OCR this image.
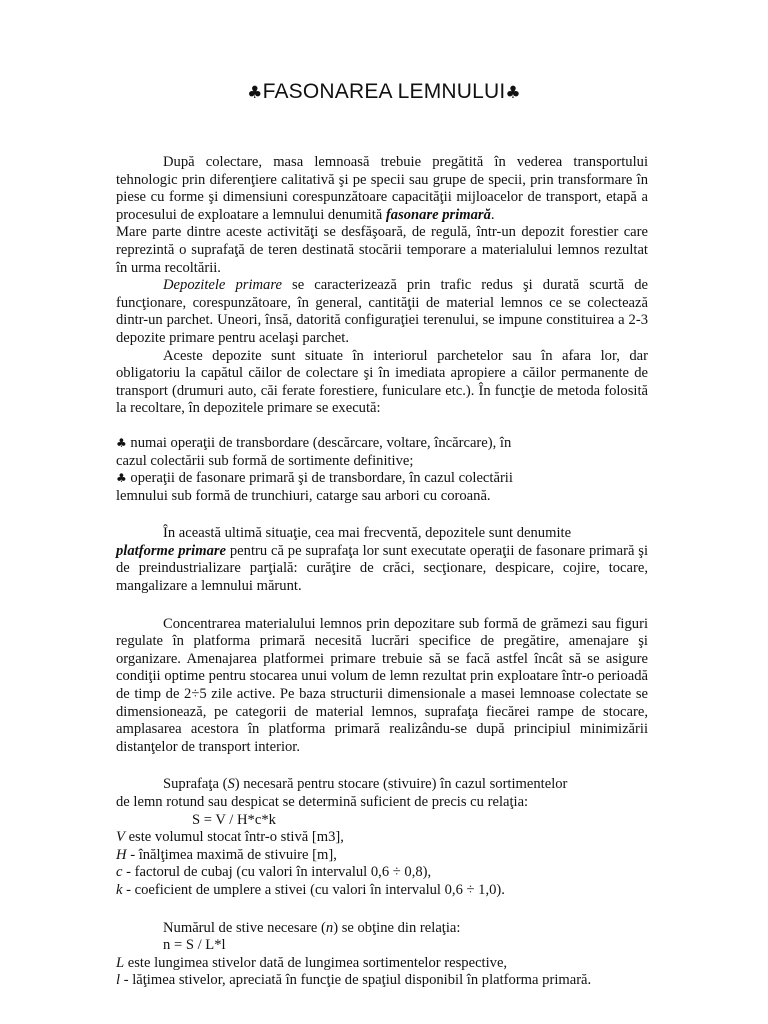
♣FASONAREA LEMNULUI♣

După colectare, masa lemnoasă trebuie pregătită în vederea transportului tehnologic prin diferenţiere calitativă şi pe specii sau grupe de specii, prin transformare în piese cu forme şi dimensiuni corespunzătoare capacităţii mijloacelor de transport, etapă a procesului de exploatare a lemnului denumită fasonare primară.

Mare parte dintre aceste activităţi se desfăşoară, de regulă, într-un depozit forestier care reprezintă o suprafaţă de teren destinată stocării temporare a materialului lemnos rezultat în urma recoltării.

Depozitele primare se caracterizează prin trafic redus şi durată scurtă de funcţionare, corespunzătoare, în general, cantităţii de material lemnos ce se colectează dintr-un parchet. Uneori, însă, datorită configuraţiei terenului, se impune constituirea a 2-3 depozite primare pentru acelaşi parchet.

Aceste depozite sunt situate în interiorul parchetelor sau în afara lor, dar obligatoriu la capătul căilor de colectare şi în imediata apropiere a căilor permanente de transport (drumuri auto, căi ferate forestiere, funiculare etc.). În funcţie de metoda folosită la recoltare, în depozitele primare se execută:

♣ numai operaţii de transbordare (descărcare, voltare, încărcare), în

cazul colectării sub formă de sortimente definitive;

♣ operaţii de fasonare primară şi de transbordare, în cazul colectării

lemnului sub formă de trunchiuri, catarge sau arbori cu coroană.

În această ultimă situaţie, cea mai frecventă, depozitele sunt denumite

platforme primare pentru că pe suprafaţa lor sunt executate operaţii de fasonare primară şi de preindustrializare parţială: curăţire de crăci, secţionare, despicare, cojire, tocare, mangalizare a lemnului mărunt.

Concentrarea materialului lemnos prin depozitare sub formă de grămezi sau figuri regulate în platforma primară necesită lucrări specifice de pregătire, amenajare şi organizare. Amenajarea platformei primare trebuie să se facă astfel încât să se asigure condiţii optime pentru stocarea unui volum de lemn rezultat prin exploatare într-o perioadă de timp de 2÷5 zile active. Pe baza structurii dimensionale a masei lemnoase colectate se dimensionează, pe categorii de material lemnos, suprafaţa fiecărei rampe de stocare, amplasarea acestora în platforma primară realizându-se după principiul minimizării distanţelor de transport interior.

Suprafaţa (S) necesară pentru stocare (stivuire) în cazul sortimentelor

de lemn rotund sau despicat se determină suficient de precis cu relaţia:

S = V / H*c*k

V este volumul stocat într-o stivă [m3],

H - înălţimea maximă de stivuire [m],

c - factorul de cubaj (cu valori în intervalul 0,6 ÷ 0,8),

k - coeficient de umplere a stivei (cu valori în intervalul 0,6 ÷ 1,0).

Numărul de stive necesare (n) se obţine din relaţia:

n = S / L*l

L este lungimea stivelor dată de lungimea sortimentelor respective,

l - lăţimea stivelor, apreciată în funcţie de spaţiul disponibil în platforma primară.
